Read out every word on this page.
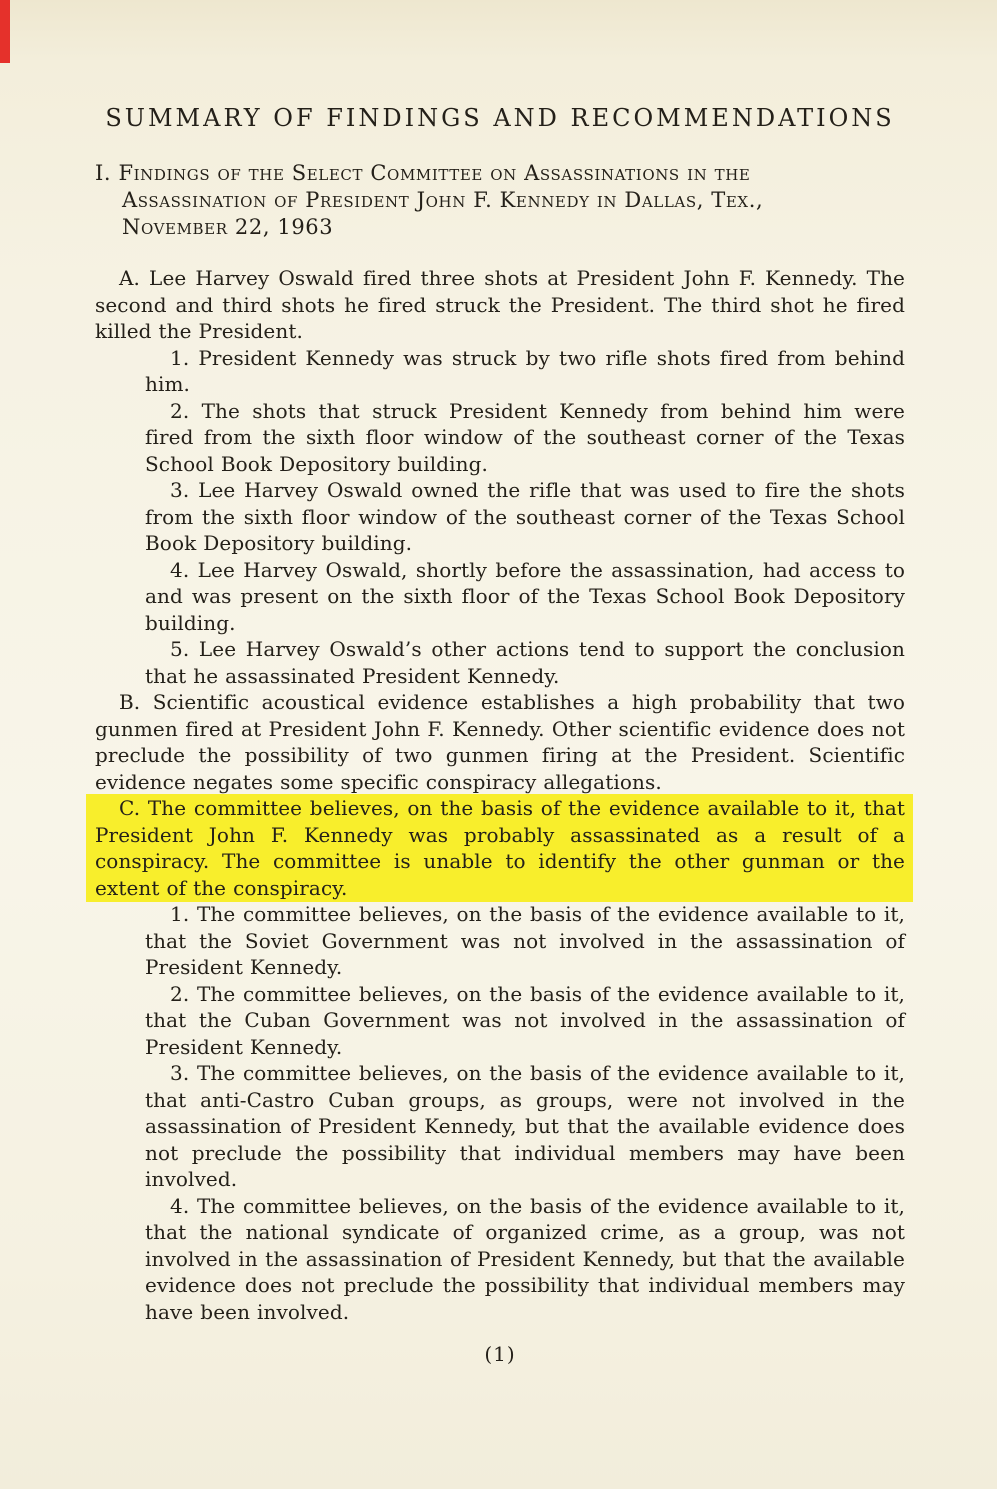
SUMMARY OF FINDINGS AND RECOMMENDATIONS
I. Findings of the Select Committee on Assassinations in the
Assassination of President John F. Kennedy in Dallas, Tex.,
November 22, 1963

A. Lee Harvey Oswald fired three shots at President John F. Kennedy. The second and third shots he fired struck the President. The third shot he fired killed the President.

1. President Kennedy was struck by two rifle shots fired from behind him.

2. The shots that struck President Kennedy from behind him were fired from the sixth floor window of the southeast corner of the Texas School Book Depository building.

3. Lee Harvey Oswald owned the rifle that was used to fire the shots from the sixth floor window of the southeast corner of the Texas School Book Depository building.

4. Lee Harvey Oswald, shortly before the assassination, had access to and was present on the sixth floor of the Texas School Book Depository building.

5. Lee Harvey Oswald’s other actions tend to support the conclusion that he assassinated President Kennedy.

B. Scientific acoustical evidence establishes a high probability that two gunmen fired at President John F. Kennedy. Other scientific evidence does not preclude the possibility of two gunmen firing at the President. Scientific evidence negates some specific conspiracy allegations.

C. The committee believes, on the basis of the evidence available to it, that President John F. Kennedy was probably assassinated as a result of a conspiracy. The committee is unable to identify the other gunman or the extent of the conspiracy.

1. The committee believes, on the basis of the evidence available to it, that the Soviet Government was not involved in the assassination of President Kennedy.

2. The committee believes, on the basis of the evidence available to it, that the Cuban Government was not involved in the assassination of President Kennedy.

3. The committee believes, on the basis of the evidence available to it, that anti-Castro Cuban groups, as groups, were not involved in the assassination of President Kennedy, but that the available evidence does not preclude the possibility that individual members may have been involved.

4. The committee believes, on the basis of the evidence available to it, that the national syndicate of organized crime, as a group, was not involved in the assassination of President Kennedy, but that the available evidence does not preclude the possibility that individual members may have been involved.

(1)
